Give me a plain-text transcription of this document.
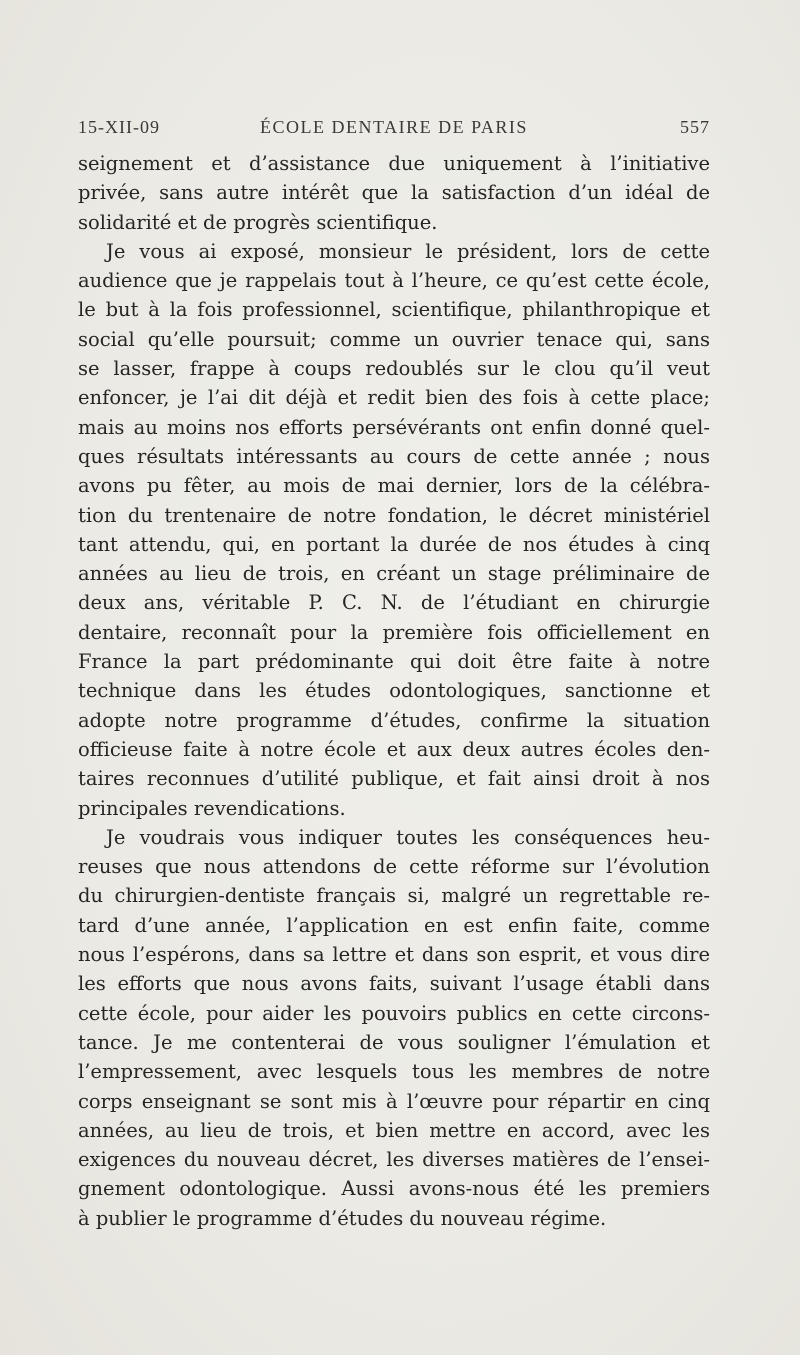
15-XII-09	ÉCOLE DENTAIRE DE PARIS	557
seignement et d’assistance due uniquement à l’initiative
privée, sans autre intérêt que la satisfaction d’un idéal de
solidarité et de progrès scientifique.
Je vous ai exposé, monsieur le président, lors de cette
audience que je rappelais tout à l’heure, ce qu’est cette école,
le but à la fois professionnel, scientifique, philanthropique et
social qu’elle poursuit; comme un ouvrier tenace qui, sans
se lasser, frappe à coups redoublés sur le clou qu’il veut
enfoncer, je l’ai dit déjà et redit bien des fois à cette place;
mais au moins nos efforts persévérants ont enfin donné quel-
ques résultats intéressants au cours de cette année ; nous
avons pu fêter, au mois de mai dernier, lors de la célébra-
tion du trentenaire de notre fondation, le décret ministériel
tant attendu, qui, en portant la durée de nos études à cinq
années au lieu de trois, en créant un stage préliminaire de
deux ans, véritable P. C. N. de l’étudiant en chirurgie
dentaire, reconnaît pour la première fois officiellement en
France la part prédominante qui doit être faite à notre
technique dans les études odontologiques, sanctionne et
adopte notre programme d’études, confirme la situation
officieuse faite à notre école et aux deux autres écoles den-
taires reconnues d’utilité publique, et fait ainsi droit à nos
principales revendications.
Je voudrais vous indiquer toutes les conséquences heu-
reuses que nous attendons de cette réforme sur l’évolution
du chirurgien-dentiste français si, malgré un regrettable re-
tard d’une année, l’application en est enfin faite, comme
nous l’espérons, dans sa lettre et dans son esprit, et vous dire
les efforts que nous avons faits, suivant l’usage établi dans
cette école, pour aider les pouvoirs publics en cette circons-
tance. Je me contenterai de vous souligner l’émulation et
l’empressement, avec lesquels tous les membres de notre
corps enseignant se sont mis à l’œuvre pour répartir en cinq
années, au lieu de trois, et bien mettre en accord, avec les
exigences du nouveau décret, les diverses matières de l’ensei-
gnement odontologique. Aussi avons-nous été les premiers
à publier le programme d’études du nouveau régime.
